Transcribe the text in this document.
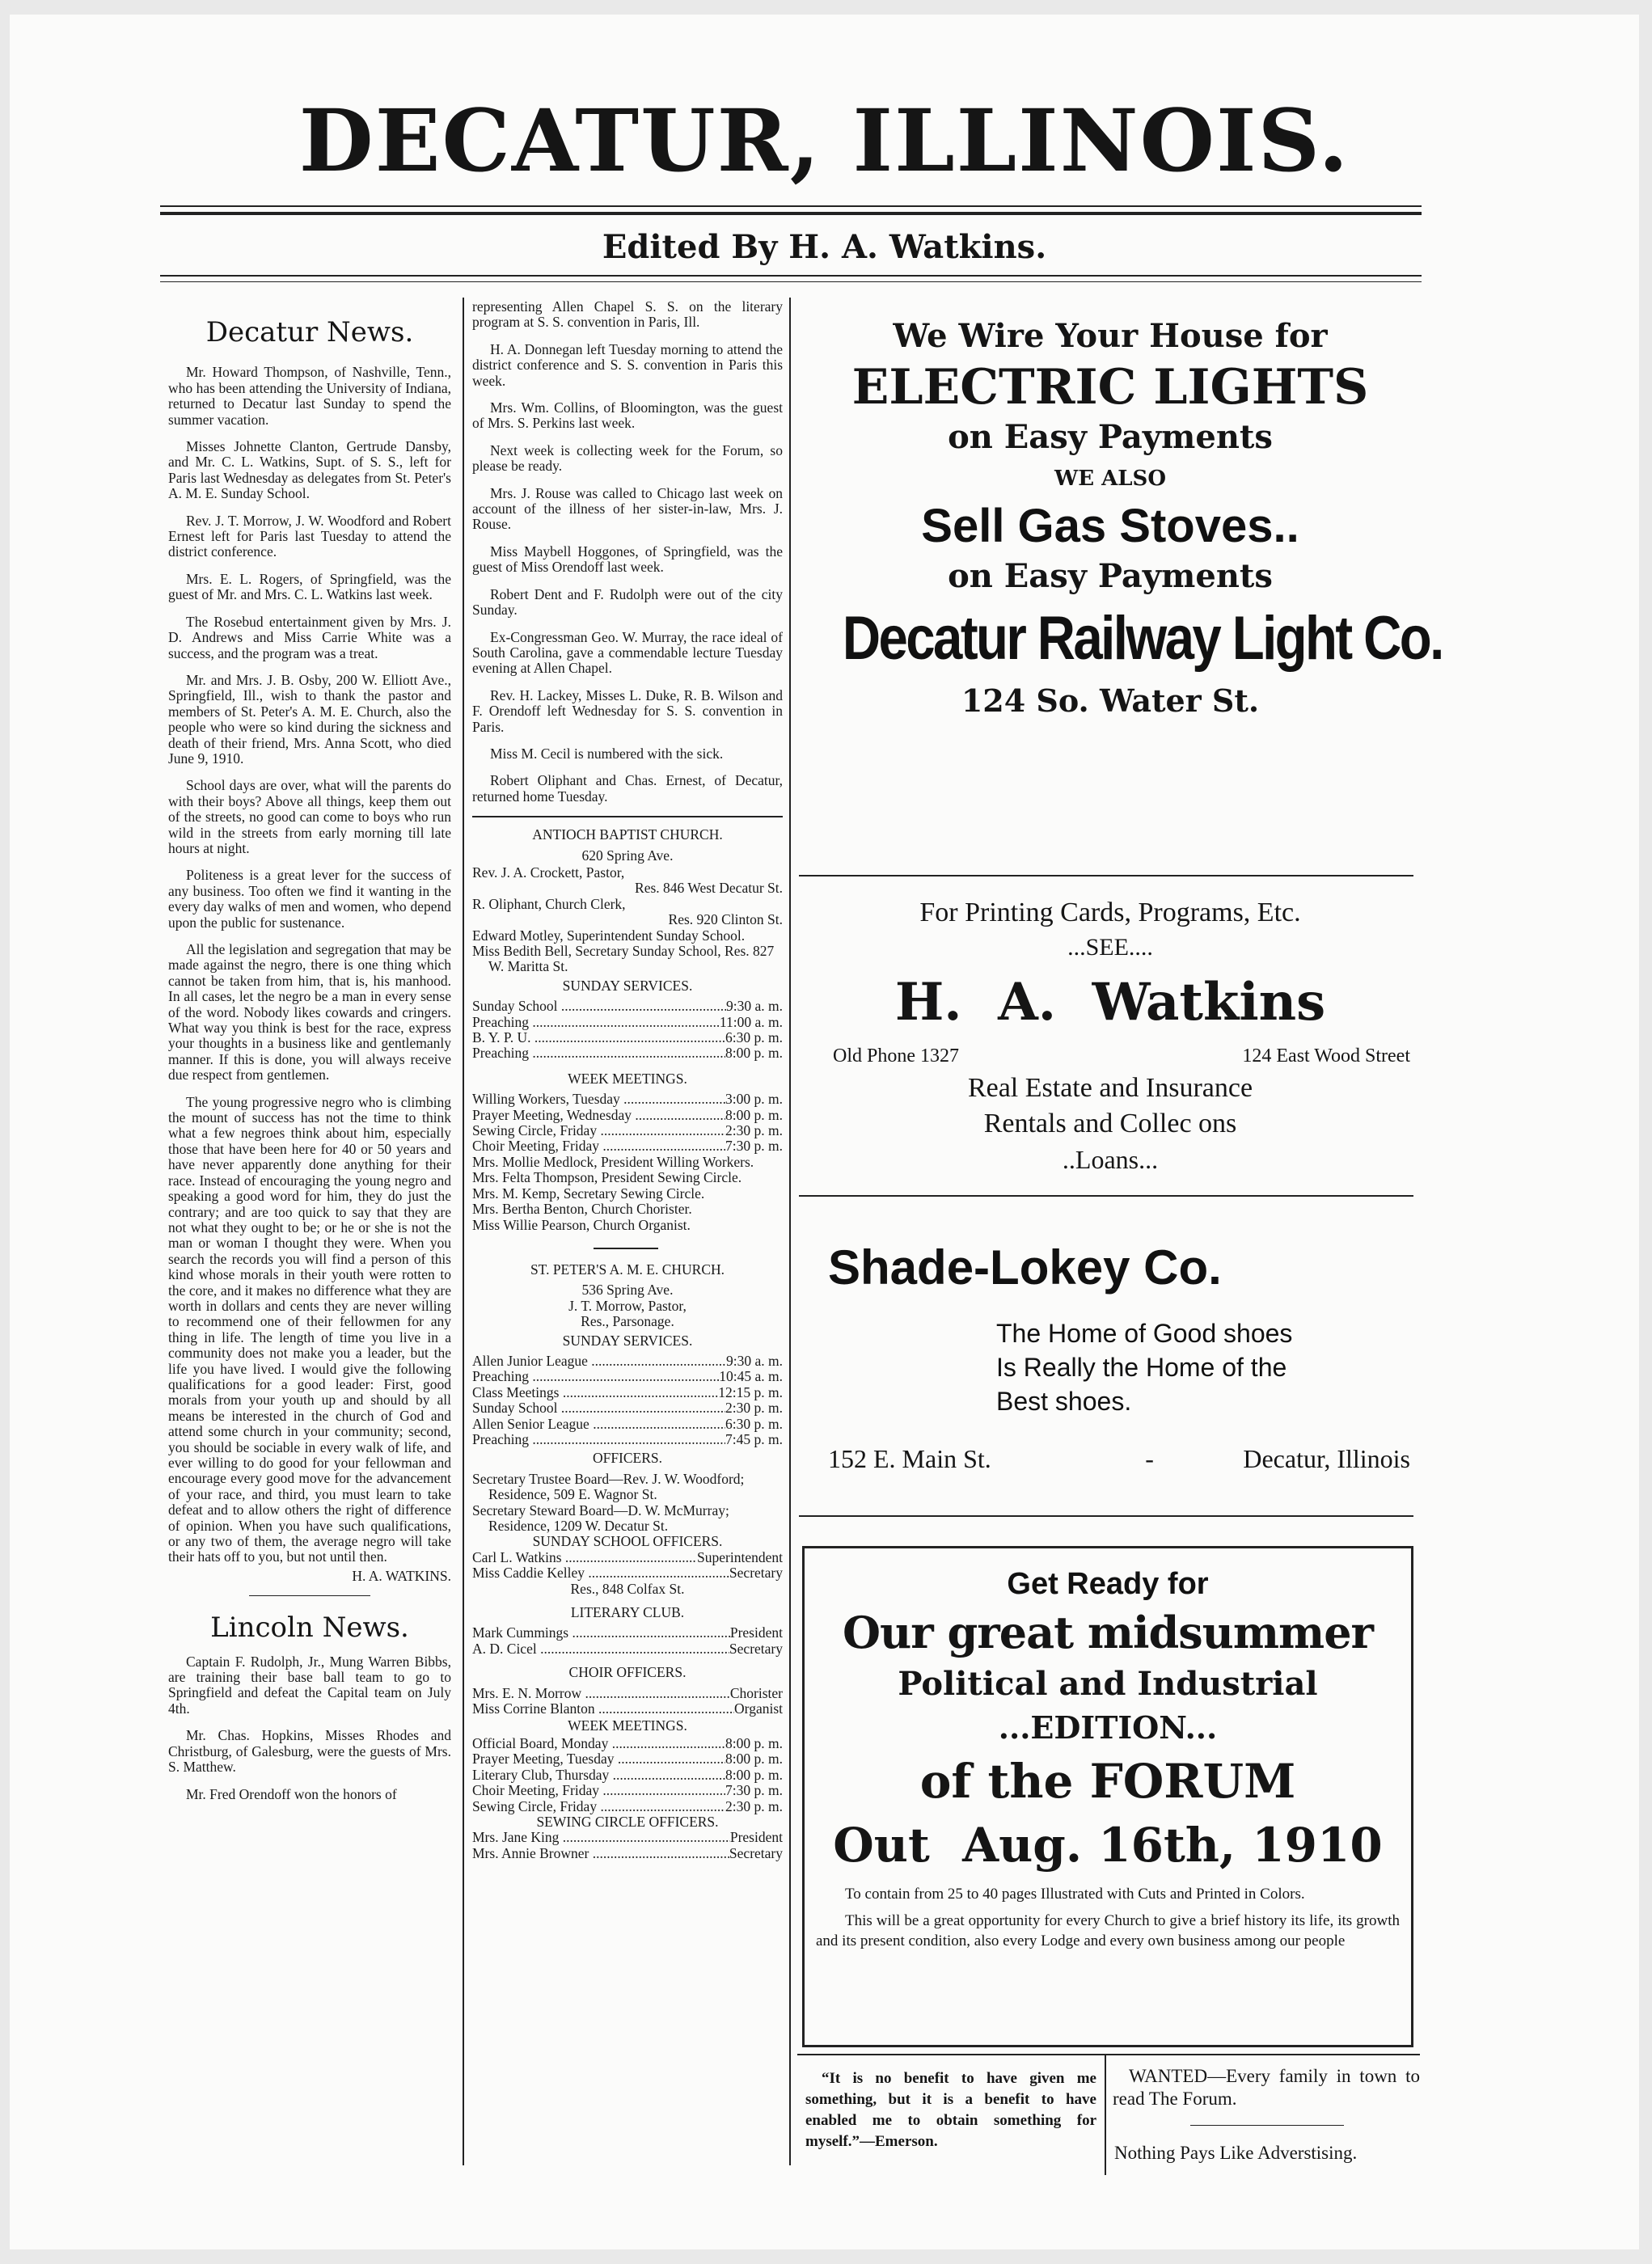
DECATUR, ILLINOIS.
Edited By H. A. Watkins.
Decatur News.

Mr. Howard Thompson, of Nashville, Tenn., who has been attending the University of Indiana, returned to Decatur last Sunday to spend the summer vacation.

Misses Johnette Clanton, Gertrude Dansby, and Mr. C. L. Watkins, Supt. of S. S., left for Paris last Wednesday as delegates from St. Peter's A. M. E. Sunday School.

Rev. J. T. Morrow, J. W. Woodford and Robert Ernest left for Paris last Tuesday to attend the district conference.

Mrs. E. L. Rogers, of Springfield, was the guest of Mr. and Mrs. C. L. Watkins last week.

The Rosebud entertainment given by Mrs. J. D. Andrews and Miss Carrie White was a success, and the program was a treat.

Mr. and Mrs. J. B. Osby, 200 W. Elliott Ave., Springfield, Ill., wish to thank the pastor and members of St. Peter's A. M. E. Church, also the people who were so kind during the sickness and death of their friend, Mrs. Anna Scott, who died June 9, 1910.

School days are over, what will the parents do with their boys? Above all things, keep them out of the streets, no good can come to boys who run wild in the streets from early morning till late hours at night.

Politeness is a great lever for the success of any business. Too often we find it wanting in the every day walks of men and women, who depend upon the public for sustenance.

All the legislation and segregation that may be made against the negro, there is one thing which cannot be taken from him, that is, his manhood. In all cases, let the negro be a man in every sense of the word. Nobody likes cowards and cringers. What way you think is best for the race, express your thoughts in a business like and gentlemanly manner. If this is done, you will always receive due respect from gentlemen.

The young progressive negro who is climbing the mount of success has not the time to think what a few negroes think about him, especially those that have been here for 40 or 50 years and have never apparently done anything for their race. Instead of encouraging the young negro and speaking a good word for him, they do just the contrary; and are too quick to say that they are not what they ought to be; or he or she is not the man or woman I thought they were. When you search the records you will find a person of this kind whose morals in their youth were rotten to the core, and it makes no difference what they are worth in dollars and cents they are never willing to recommend one of their fellowmen for any thing in life. The length of time you live in a community does not make you a leader, but the life you have lived. I would give the following qualifications for a good leader: First, good morals from your youth up and should by all means be interested in the church of God and attend some church in your community; second, you should be sociable in every walk of life, and ever willing to do good for your fellowman and encourage every good move for the advancement of your race, and third, you must learn to take defeat and to allow others the right of difference of opinion. When you have such qualifications, or any two of them, the average negro will take their hats off to you, but not until then.

H. A. WATKINS.

Lincoln News.

Captain F. Rudolph, Jr., Mung Warren Bibbs, are training their base ball team to go to Springfield and defeat the Capital team on July 4th.

Mr. Chas. Hopkins, Misses Rhodes and Christburg, of Galesburg, were the guests of Mrs. S. Matthew.

Mr. Fred Orendoff won the honors of

representing Allen Chapel S. S. on the literary program at S. S. convention in Paris, Ill.

H. A. Donnegan left Tuesday morning to attend the district conference and S. S. convention in Paris this week.

Mrs. Wm. Collins, of Bloomington, was the guest of Mrs. S. Perkins last week.

Next week is collecting week for the Forum, so please be ready.

Mrs. J. Rouse was called to Chicago last week on account of the illness of her sister-in-law, Mrs. J. Rouse.

Miss Maybell Hoggones, of Springfield, was the guest of Miss Orendoff last week.

Robert Dent and F. Rudolph were out of the city Sunday.

Ex-Congressman Geo. W. Murray, the race ideal of South Carolina, gave a commendable lecture Tuesday evening at Allen Chapel.

Rev. H. Lackey, Misses L. Duke, R. B. Wilson and F. Orendoff left Wednesday for S. S. convention in Paris.

Miss M. Cecil is numbered with the sick.

Robert Oliphant and Chas. Ernest, of Decatur, returned home Tuesday.

ANTIOCH BAPTIST CHURCH.
620 Spring Ave.
Rev. J. A. Crockett, Pastor,
Res. 846 West Decatur St.
R. Oliphant, Church Clerk,
Res. 920 Clinton St.
Edward Motley, Superintendent Sunday School.
Miss Bedith Bell, Secretary Sunday School, Res. 827 W. Maritta St.
SUNDAY SERVICES.
Sunday School .....	9:30 a. m.
Preaching .....	11:00 a. m.
B. Y. P. U. .....	6:30 p. m.
Preaching .....	8:00 p. m.
WEEK MEETINGS.
Willing Workers, Tuesday .....	3:00 p. m.
Prayer Meeting, Wednesday .....	8:00 p. m.
Sewing Circle, Friday .....	2:30 p. m.
Choir Meeting, Friday .....	7:30 p. m.
Mrs. Mollie Medlock, President Willing Workers.
Mrs. Felta Thompson, President Sewing Circle.
Mrs. M. Kemp, Secretary Sewing Circle.
Mrs. Bertha Benton, Church Chorister.
Miss Willie Pearson, Church Organist.
ST. PETER'S A. M. E. CHURCH.
536 Spring Ave.
J. T. Morrow, Pastor,
Res., Parsonage.
SUNDAY SERVICES.
Allen Junior League .....	9:30 a. m.
Preaching .....	10:45 a. m.
Class Meetings .....	12:15 p. m.
Sunday School .....	2:30 p. m.
Allen Senior League .....	6:30 p. m.
Preaching .....	7:45 p. m.
OFFICERS.
Secretary Trustee Board—Rev. J. W. Woodford; Residence, 509 E. Wagnor St.
Secretary Steward Board—D. W. McMurray; Residence, 1209 W. Decatur St.
SUNDAY SCHOOL OFFICERS.
Carl L. Watkins .....	Superintendent
Miss Caddie Kelley .....	Secretary
Res., 848 Colfax St.
LITERARY CLUB.
Mark Cummings .....	President
A. D. Cicel .....	Secretary
CHOIR OFFICERS.
Mrs. E. N. Morrow .....	Chorister
Miss Corrine Blanton .....	Organist
WEEK MEETINGS.
Official Board, Monday .....	8:00 p. m.
Prayer Meeting, Tuesday .....	8:00 p. m.
Literary Club, Thursday .....	8:00 p. m.
Choir Meeting, Friday .....	7:30 p. m.
Sewing Circle, Friday .....	2:30 p. m.
SEWING CIRCLE OFFICERS.
Mrs. Jane King .....	President
Mrs. Annie Browner .....	Secretary
We Wire Your House for
ELECTRIC LIGHTS
on Easy Payments
WE ALSO
Sell Gas Stoves..
on Easy Payments
Decatur Railway Light Co.
124 So. Water St.
For Printing Cards, Programs, Etc.
...SEE....
H.  A.  Watkins
Old Phone 1327	124 East Wood Street
Real Estate and Insurance
Rentals and Collec ons
..Loans...
Shade-Lokey Co.
The Home of Good shoes
Is Really the Home of the
Best shoes.
152 E. Main St.	-	Decatur, Illinois
Get Ready for
Our great midsummer
Political and Industrial
...EDITION...
of the FORUM
Out  Aug. 16th, 1910
To contain from 25 to 40 pages Illustrated with Cuts and Printed in Colors.
This will be a great opportunity for every Church to give a brief history its life, its growth and its present condition, also every Lodge and every own business among our people
“It is no benefit to have given me something, but it is a benefit to have enabled me to obtain something for myself.”—Emerson.
WANTED—Every family in town to read The Forum.
Nothing Pays Like Adverstising.
